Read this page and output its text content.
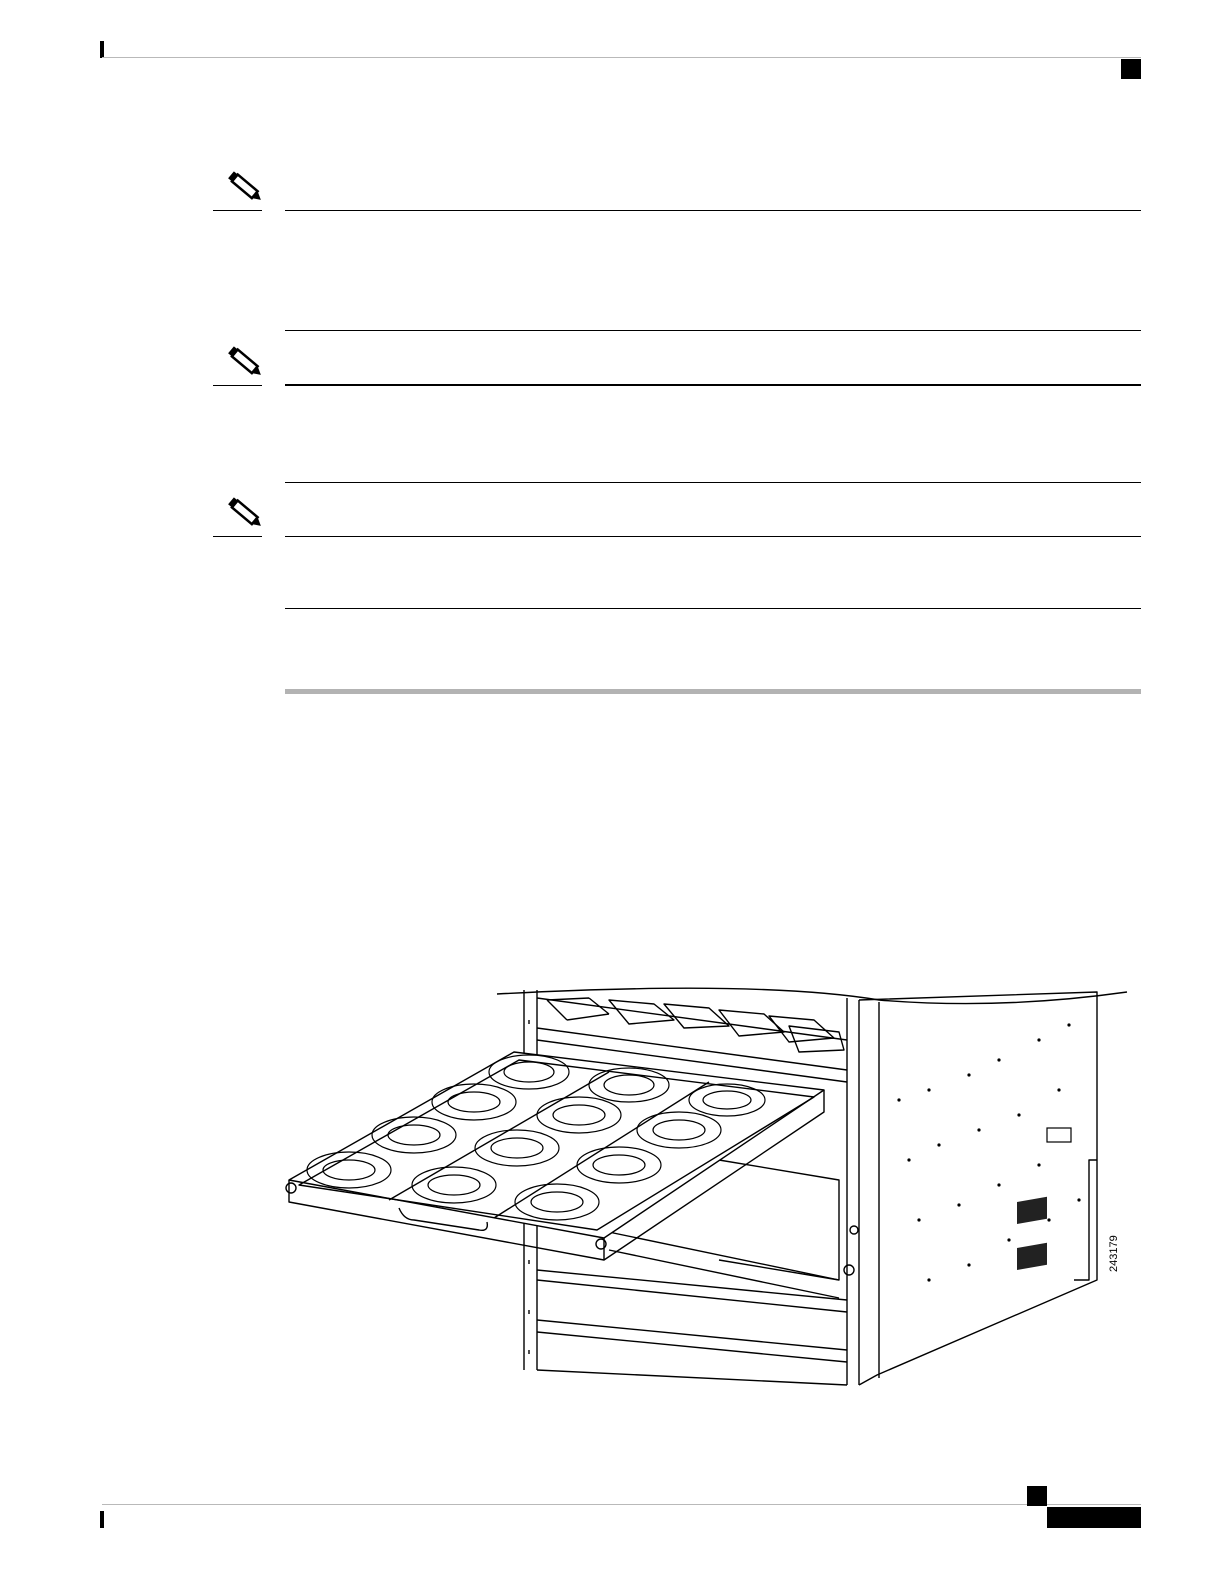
243179
